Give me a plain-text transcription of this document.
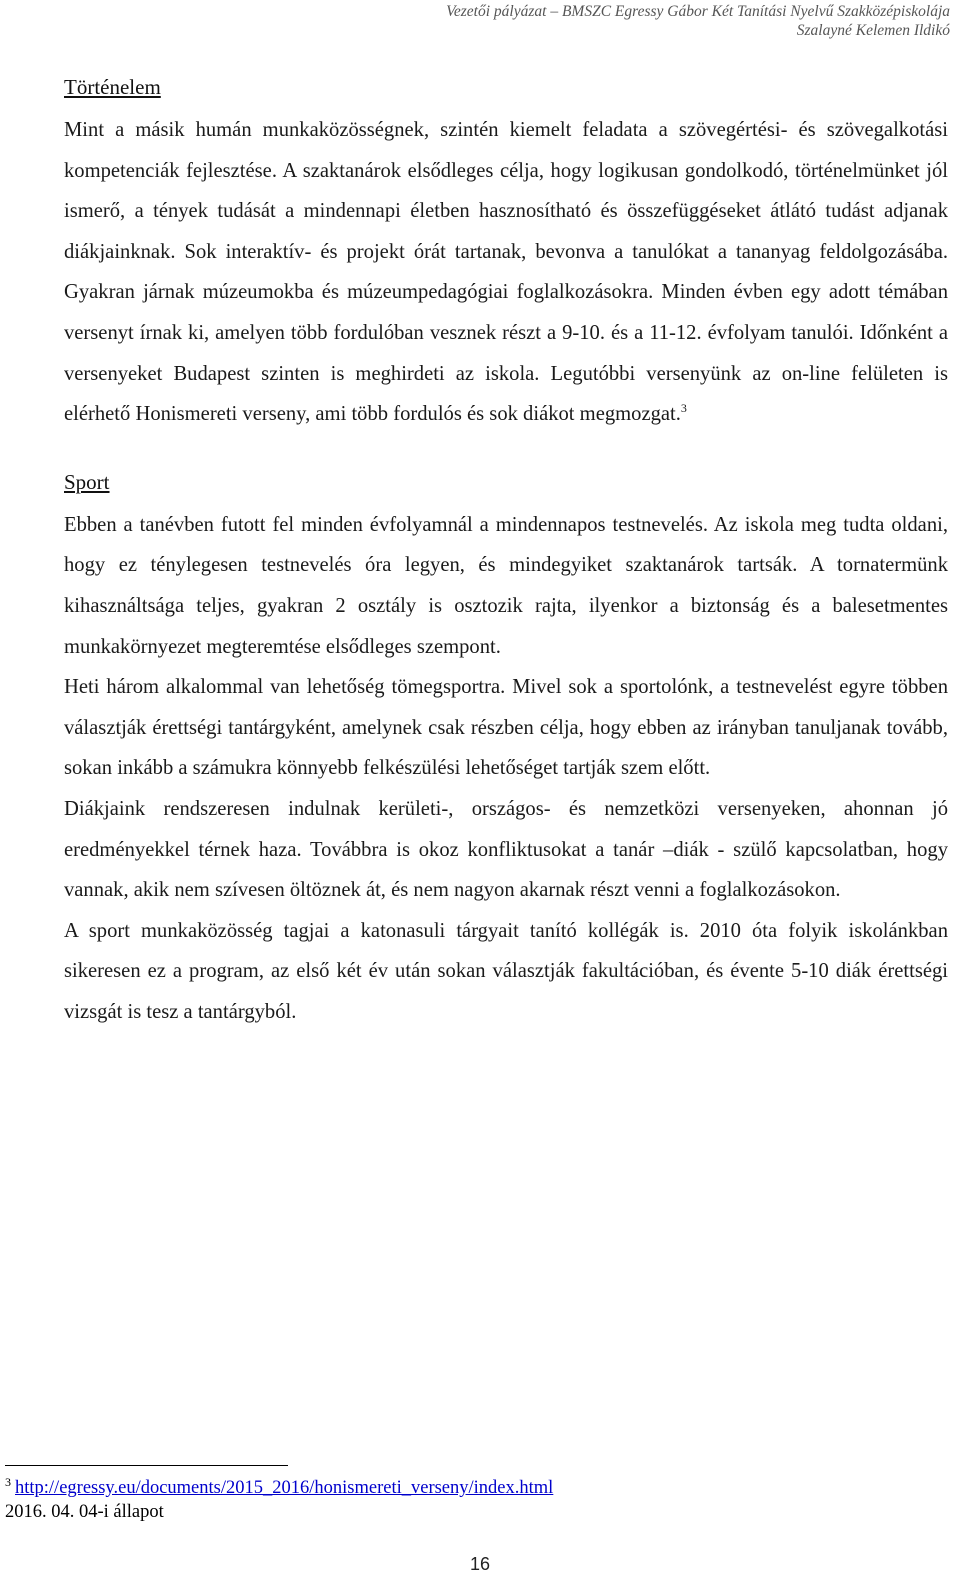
Vezetői pályázat – BMSZC Egressy Gábor Két Tanítási Nyelvű Szakközépiskolája
Szalayné Kelemen Ildikó
Történelem

Mint a másik humán munkaközösségnek, szintén kiemelt feladata a szövegértési- és szövegalkotási kompetenciák fejlesztése. A szaktanárok elsődleges célja, hogy logikusan gondolkodó, történelmünket jól ismerő, a tények tudását a mindennapi életben hasznosítható és összefüggéseket átlátó tudást adjanak diákjainknak. Sok interaktív- és projekt órát tartanak, bevonva a tanulókat a tananyag feldolgozásába. Gyakran járnak múzeumokba és múzeumpedagógiai foglalkozásokra. Minden évben egy adott témában versenyt írnak ki, amelyen több fordulóban vesznek részt a 9-10. és a 11-12. évfolyam tanulói. Időnként a versenyeket Budapest szinten is meghirdeti az iskola. Legutóbbi versenyünk az on-line felületen is elérhető Honismereti verseny, ami több fordulós és sok diákot megmozgat.$^3$

Sport

Ebben a tanévben futott fel minden évfolyamnál a mindennapos testnevelés. Az iskola meg tudta oldani, hogy ez ténylegesen testnevelés óra legyen, és mindegyiket szaktanárok tartsák. A tornatermünk kihasználtsága teljes, gyakran 2 osztály is osztozik rajta, ilyenkor a biztonság és a balesetmentes munkakörnyezet megteremtése elsődleges szempont.

Heti három alkalommal van lehetőség tömegsportra. Mivel sok a sportolónk, a testnevelést egyre többen választják érettségi tantárgyként, amelynek csak részben célja, hogy ebben az irányban tanuljanak tovább, sokan inkább a számukra könnyebb felkészülési lehetőséget tartják szem előtt.

Diákjaink rendszeresen indulnak kerületi-, országos- és nemzetközi versenyeken, ahonnan jó eredményekkel térnek haza. Továbbra is okoz konfliktusokat a tanár –diák - szülő kapcsolatban, hogy vannak, akik nem szívesen öltöznek át, és nem nagyon akarnak részt venni a foglalkozásokon.

A sport munkaközösség tagjai a katonasuli tárgyait tanító kollégák is. 2010 óta folyik iskolánkban sikeresen ez a program, az első két év után sokan választják fakultációban, és évente 5-10 diák érettségi vizsgát is tesz a tantárgyból.

$^3$ http://egressy.eu/documents/2015_2016/honismereti_verseny/index.html
2016. 04. 04-i állapot
16
